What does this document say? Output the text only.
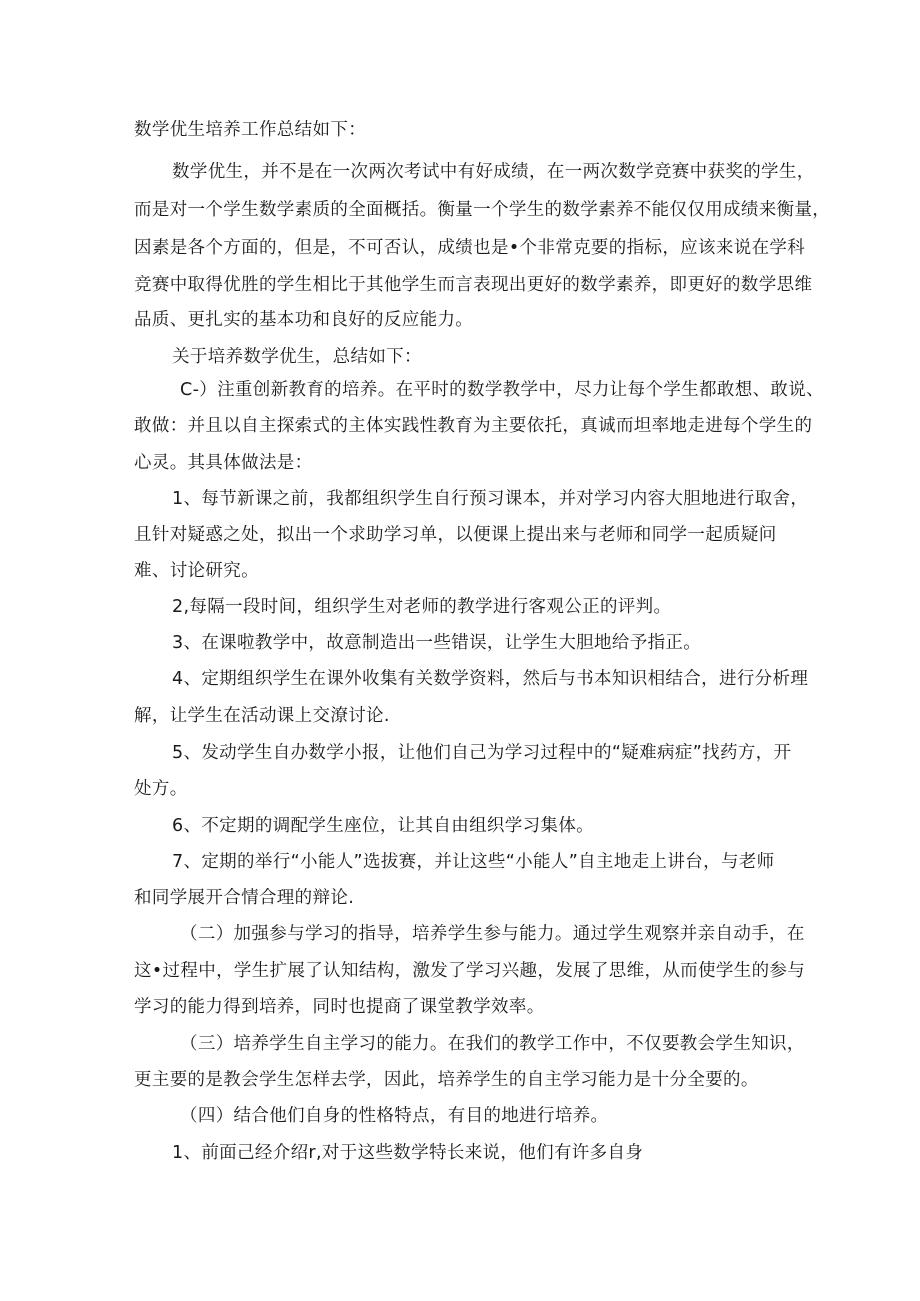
数学优生培养工作总结如下：
数学优生，并不是在一次两次考试中有好成绩，在一两次数学竞赛中获奖的学生，
而是对一个学生数学素质的全面概括。衡量一个学生的数学素养不能仅仅用成绩来衡量，
因素是各个方面的，但是，不可否认，成绩也是•个非常克要的指标，应该来说在学科
竞赛中取得优胜的学生相比于其他学生而言表现出更好的数学素养，即更好的数学思维
品质、更扎实的基本功和良好的反应能力。
关于培养数学优生，总结如下：
C-）注重创新教育的培养。在平时的数学教学中，尽力让每个学生都敢想、敢说、
敢做：并且以自主探索式的主体实践性教育为主要依托，真诚而坦率地走进每个学生的
心灵。其具体做法是：
1、每节新课之前，我都组织学生自行预习课本，并对学习内容大胆地进行取舍，
且针对疑惑之处，拟出一个求助学习单，以便课上提出来与老师和同学一起质疑问
难、讨论研究。
2,每隔一段时间，组织学生对老师的教学进行客观公正的评判。
3、在课啦教学中，故意制造出一些错误，让学生大胆地给予指正。
4、定期组织学生在课外收集有关数学资料，然后与书本知识相结合，进行分析理
解，让学生在活动课上交潦讨论.
5、发动学生自办数学小报，让他们自己为学习过程中的“疑难病症”找药方，开
处方。
6、不定期的调配学生座位，让其自由组织学习集体。
7、定期的举行“小能人”选拔赛，并让这些“小能人”自主地走上讲台，与老师
和同学展开合情合理的辩论.
（二）加强参与学习的指导，培养学生参与能力。通过学生观察并亲自动手，在
这•过程中，学生扩展了认知结构，激发了学习兴趣，发展了思维，从而使学生的参与
学习的能力得到培养，同时也提商了课堂教学效率。
（三）培养学生自主学习的能力。在我们的教学工作中，不仅要教会学生知识，
更主要的是教会学生怎样去学，因此，培养学生的自主学习能力是十分全要的。
（四）结合他们自身的性格特点，有目的地进行培养。
1、前面己经介绍r,对于这些数学特长来说，他们有许多自身
